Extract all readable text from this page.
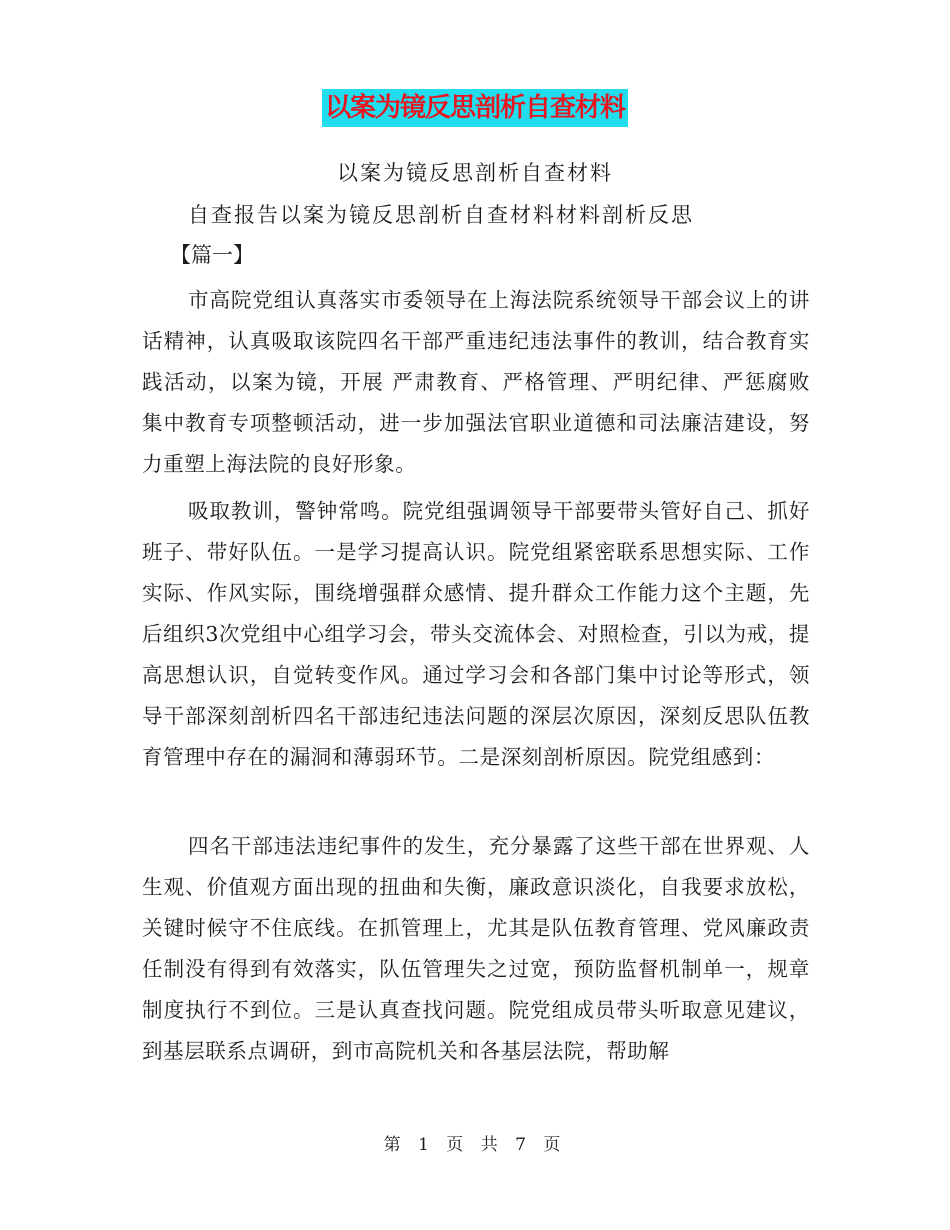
以案为镜反思剖析自查材料
以案为镜反思剖析自查材料
自查报告以案为镜反思剖析自查材料材料剖析反思
【篇一】
市高院党组认真落实市委领导在上海法院系统领导干部会议上的讲话精神，认真吸取该院四名干部严重违纪违法事件的教训，结合教育实践活动，以案为镜，开展 严肃教育、严格管理、严明纪律、严惩腐败 集中教育专项整顿活动，进一步加强法官职业道德和司法廉洁建设，努力重塑上海法院的良好形象。
吸取教训，警钟常鸣。院党组强调领导干部要带头管好自己、抓好班子、带好队伍。一是学习提高认识。院党组紧密联系思想实际、工作实际、作风实际，围绕增强群众感情、提升群众工作能力这个主题，先后组织3次党组中心组学习会，带头交流体会、对照检查，引以为戒，提高思想认识，自觉转变作风。通过学习会和各部门集中讨论等形式，领导干部深刻剖析四名干部违纪违法问题的深层次原因，深刻反思队伍教育管理中存在的漏洞和薄弱环节。二是深刻剖析原因。院党组感到：
四名干部违法违纪事件的发生，充分暴露了这些干部在世界观、人生观、价值观方面出现的扭曲和失衡，廉政意识淡化，自我要求放松，关键时候守不住底线。在抓管理上，尤其是队伍教育管理、党风廉政责任制没有得到有效落实，队伍管理失之过宽，预防监督机制单一，规章制度执行不到位。三是认真查找问题。院党组成员带头听取意见建议，到基层联系点调研，到市高院机关和各基层法院，帮助解
第 1 页 共 7 页
